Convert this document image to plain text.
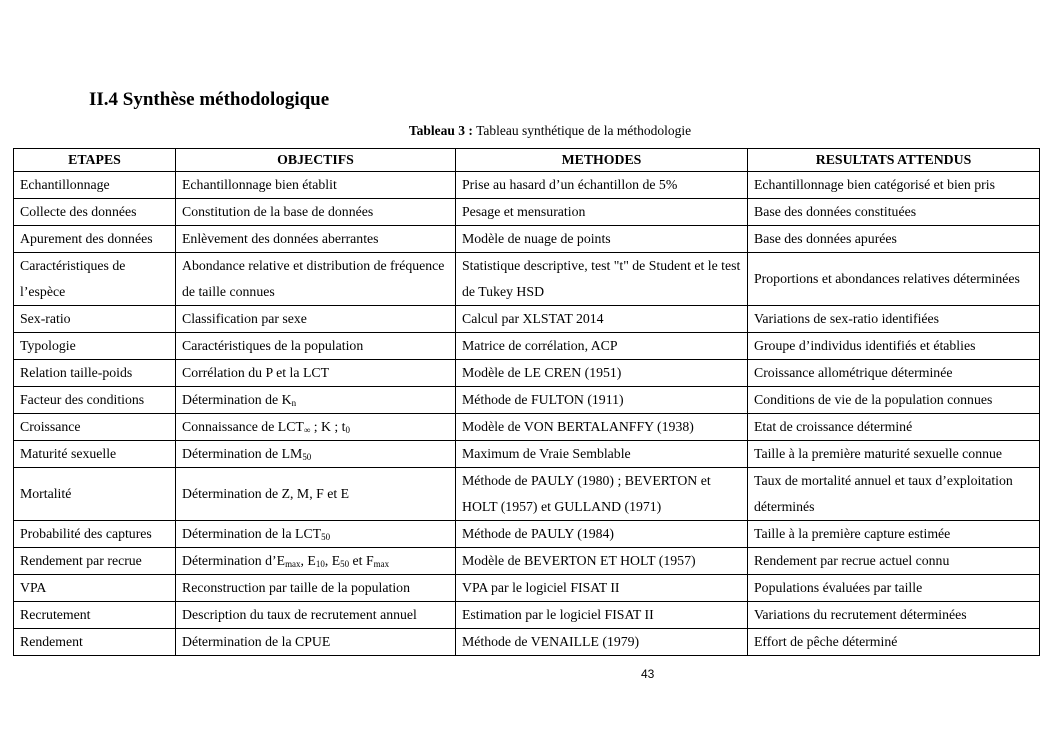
II.4 Synthèse méthodologique
Tableau 3 : Tableau synthétique de la méthodologie
ETAPES	OBJECTIFS	METHODES	RESULTATS ATTENDUS
Echantillonnage	Echantillonnage bien établit	Prise au hasard d’un échantillon de 5%	Echantillonnage bien catégorisé et bien pris
Collecte des données	Constitution de la base de données	Pesage et mensuration	Base des données constituées
Apurement des données	Enlèvement des données aberrantes	Modèle de nuage de points	Base des données apurées
Caractéristiques de l’espèce	Abondance relative et distribution de fréquence de taille connues	Statistique descriptive, test "t" de Student et le test de Tukey HSD	Proportions et abondances relatives déterminées
Sex-ratio	Classification par sexe	Calcul par XLSTAT 2014	Variations de sex-ratio identifiées
Typologie	Caractéristiques de la population	Matrice de corrélation, ACP	Groupe d’individus identifiés et établies
Relation taille-poids	Corrélation du P et la LCT	Modèle de LE CREN (1951)	Croissance allométrique déterminée
Facteur des conditions	Détermination de $K_n$	Méthode de FULTON (1911)	Conditions de vie de la population connues
Croissance	Connaissance de $LCT_\infty$ ; K ; $t_0$	Modèle de VON BERTALANFFY (1938)	Etat de croissance déterminé
Maturité sexuelle	Détermination de $LM_{50}$	Maximum de Vraie Semblable	Taille à la première maturité sexuelle connue
Mortalité	Détermination de Z, M, F et E	Méthode de PAULY (1980) ; BEVERTON et HOLT (1957) et GULLAND (1971)	Taux de mortalité annuel et taux d’exploitation déterminés
Probabilité des captures	Détermination de la $LCT_{50}$	Méthode de PAULY (1984)	Taille à la première capture estimée
Rendement par recrue	Détermination $d’E_{max}$, $E_{10}$, $E_{50}$ et $F_{max}$	Modèle de BEVERTON ET HOLT (1957)	Rendement par recrue actuel connu
VPA	Reconstruction par taille de la population	VPA par le logiciel FISAT II	Populations évaluées par taille
Recrutement	Description du taux de recrutement annuel	Estimation par le logiciel FISAT II	Variations du recrutement déterminées
Rendement	Détermination de la CPUE	Méthode de VENAILLE (1979)	Effort de pêche déterminé
43
